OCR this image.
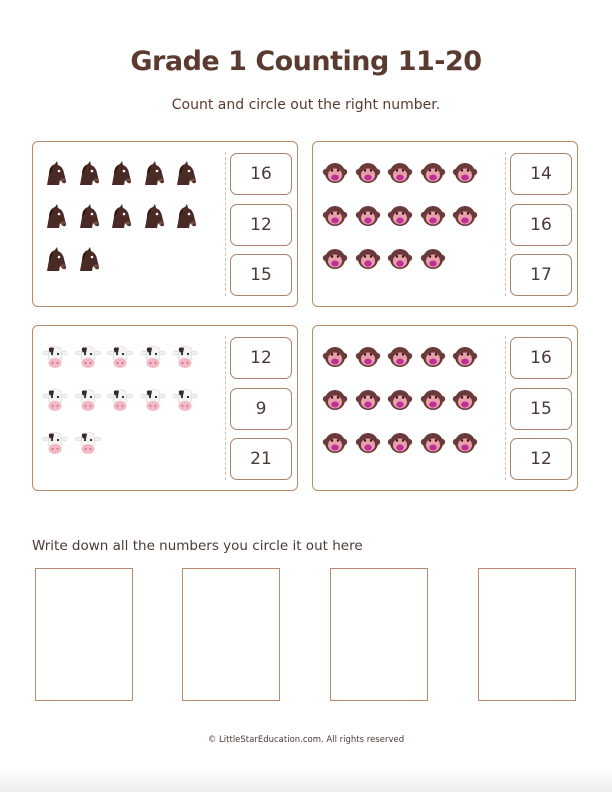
Grade 1 Counting 11-20
Count and circle out the right number.
16
12
15
14
16
17
12
9
21
16
15
12
Write down all the numbers you circle it out here
© LittleStarEducation.com. All rights reserved
